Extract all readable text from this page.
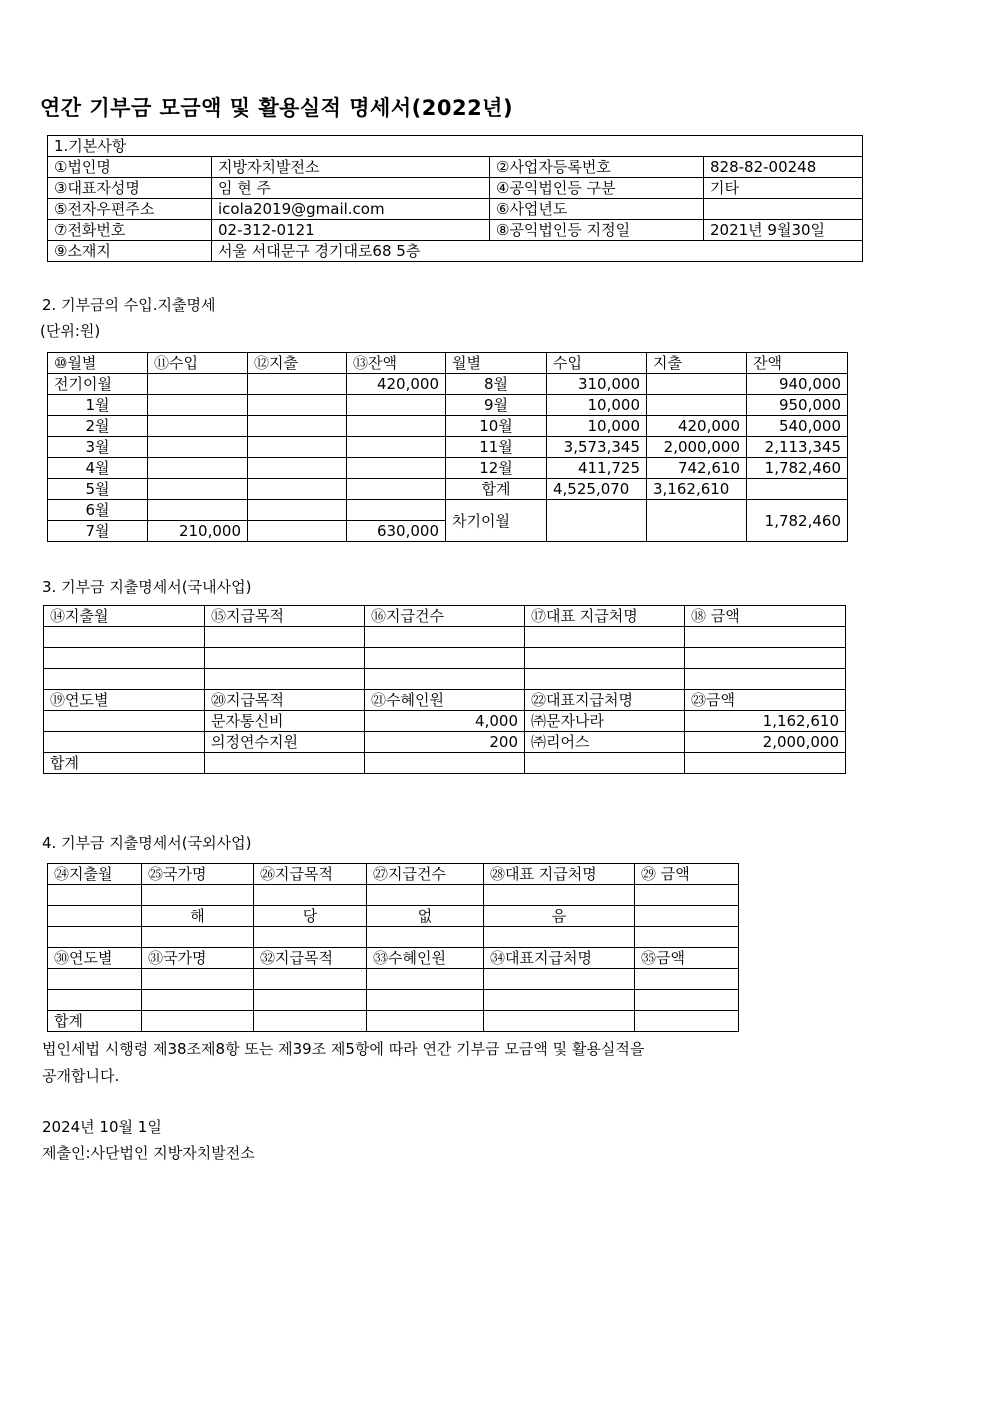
연간 기부금 모금액 및 활용실적 명세서(2022년)
1.기본사항			
①법인명	지방자치발전소	②사업자등록번호	828-82-00248
③대표자성명	임 현 주	④공익법인등 구분	기타
⑤전자우편주소	icola2019@gmail.com	⑥사업년도	
⑦전화번호	02-312-0121	⑧공익법인등 지정일	2021년 9월30일
⑨소재지	서울 서대문구 경기대로68 5층		
2. 기부금의 수입.지출명세
(단위:원)
⑩월별	⑪수입	⑫지출	⑬잔액	월별	수입	지출	잔액
전기이월			420,000	8월	310,000		940,000
1월				9월	10,000		950,000
2월				10월	10,000	420,000	540,000
3월				11월	3,573,345	2,000,000	2,113,345
4월				12월	411,725	742,610	1,782,460
5월				합계	4,525,070	3,162,610	
6월				차기이월			1,782,460
7월	210,000		630,000				
3. 기부금 지출명세서(국내사업)
⑭지출월	⑮지급목적	⑯지급건수	⑰대표 지급처명	⑱ 금액

⑲연도별	⑳지급목적	㉑수혜인원	㉒대표지급처명	㉓금액
	문자통신비	4,000	㈜문자나라	1,162,610
	의정연수지원	200	㈜리어스	2,000,000
합계				
4. 기부금 지출명세서(국외사업)
㉔지출월	㉕국가명	㉖지급목적	㉗지급건수	㉘대표 지급처명	㉙ 금액

	해	당	없	음	

㉚연도별	㉛국가명	㉜지급목적	㉝수혜인원	㉞대표지급처명	㉟금액

합계					
법인세법 시행령 제38조제8항 또는 제39조 제5항에 따라 연간 기부금 모금액 및 활용실적을
공개합니다.
2024년 10월 1일
제출인:사단법인 지방자치발전소
